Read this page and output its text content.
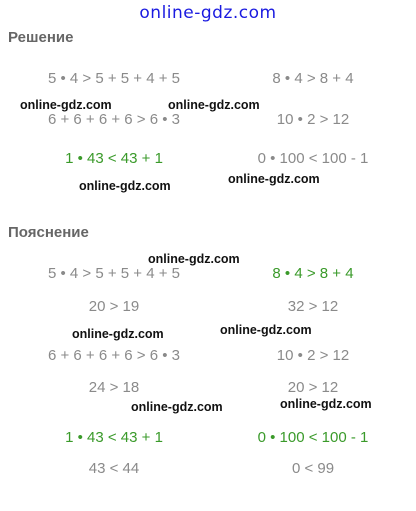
online-gdz.com
Решение
5 • 4 > 5 + 5 + 4 + 5	8 • 4 > 8 + 4
6 + 6 + 6 + 6 > 6 • 3	10 • 2 > 12
1 • 43 < 43 + 1	0 • 100 < 100 - 1
Пояснение
5 • 4 > 5 + 5 + 4 + 5	8 • 4 > 8 + 4
20 > 19	32 > 12
6 + 6 + 6 + 6 > 6 • 3	10 • 2 > 12
24 > 18	20 > 12
1 • 43 < 43 + 1	0 • 100 < 100 - 1
43 < 44	0 < 99
online-gdz.com	online-gdz.com
online-gdz.com	online-gdz.com
online-gdz.com
online-gdz.com	online-gdz.com
online-gdz.com	online-gdz.com
